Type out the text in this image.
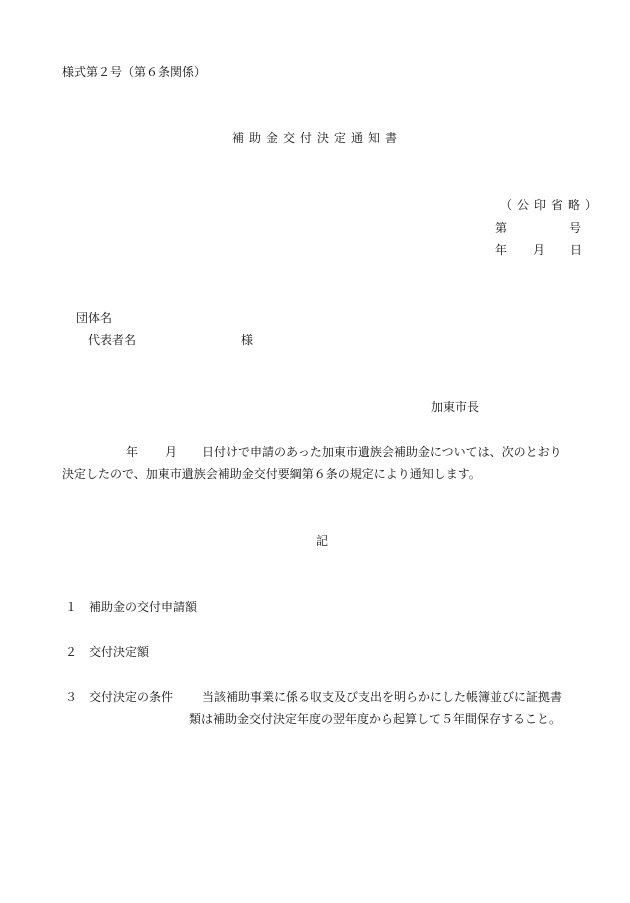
様式第２号（第６条関係）
補助金交付決定通知書
（公印省略）
第	号
年 月 日
団体名
代表者名	様
加東市長
年 月 日付けで申請のあった加東市遺族会補助金については、次のとおり
決定したので、加東市遺族会補助金交付要綱第６条の規定により通知します。
記
１ 補助金の交付申請額
２ 交付決定額
３ 交付決定の条件 当該補助事業に係る収支及び支出を明らかにした帳簿並びに証拠書
類は補助金交付決定年度の翌年度から起算して５年間保存すること。
